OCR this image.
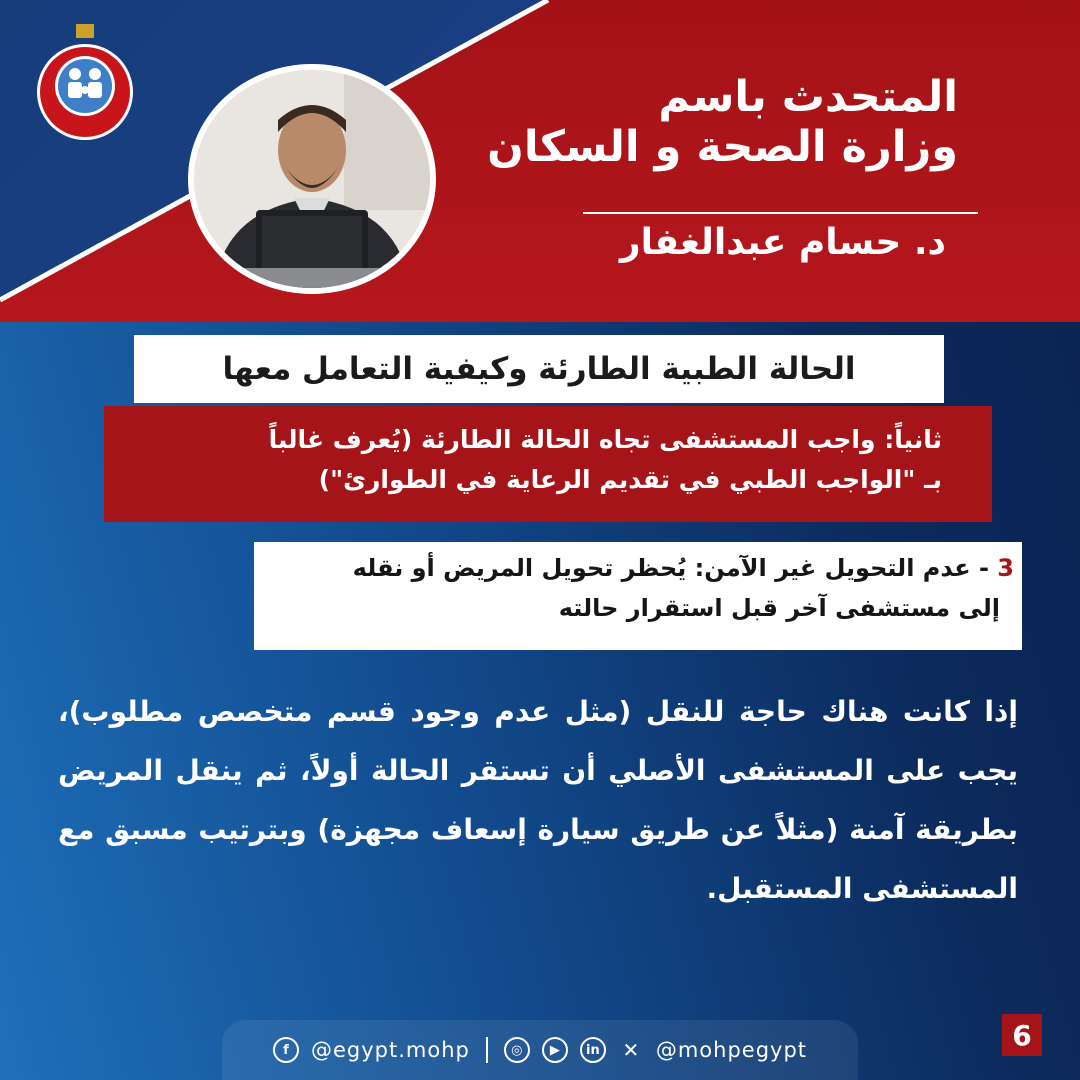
المتحدث باسم
وزارة الصحة و السكان
د. حسام عبدالغفار
الحالة الطبية الطارئة وكيفية التعامل معها
ثانياً: واجب المستشفى تجاه الحالة الطارئة (يُعرف غالباً
بـ "الواجب الطبي في تقديم الرعاية في الطوارئ")
3 - عدم التحويل غير الآمن: يُحظر تحويل المريض أو نقله
إلى مستشفى آخر قبل استقرار حالته
إذا كانت هناك حاجة للنقل (مثل عدم وجود قسم متخصص مطلوب)، يجب على المستشفى الأصلي أن تستقر الحالة أولاً، ثم ينقل المريض بطريقة آمنة (مثلاً عن طريق سيارة إسعاف مجهزة) وبترتيب مسبق مع المستشفى المستقبل.
f	@egypt.mohp	◎	▶	in	✕ @mohpegypt	6
